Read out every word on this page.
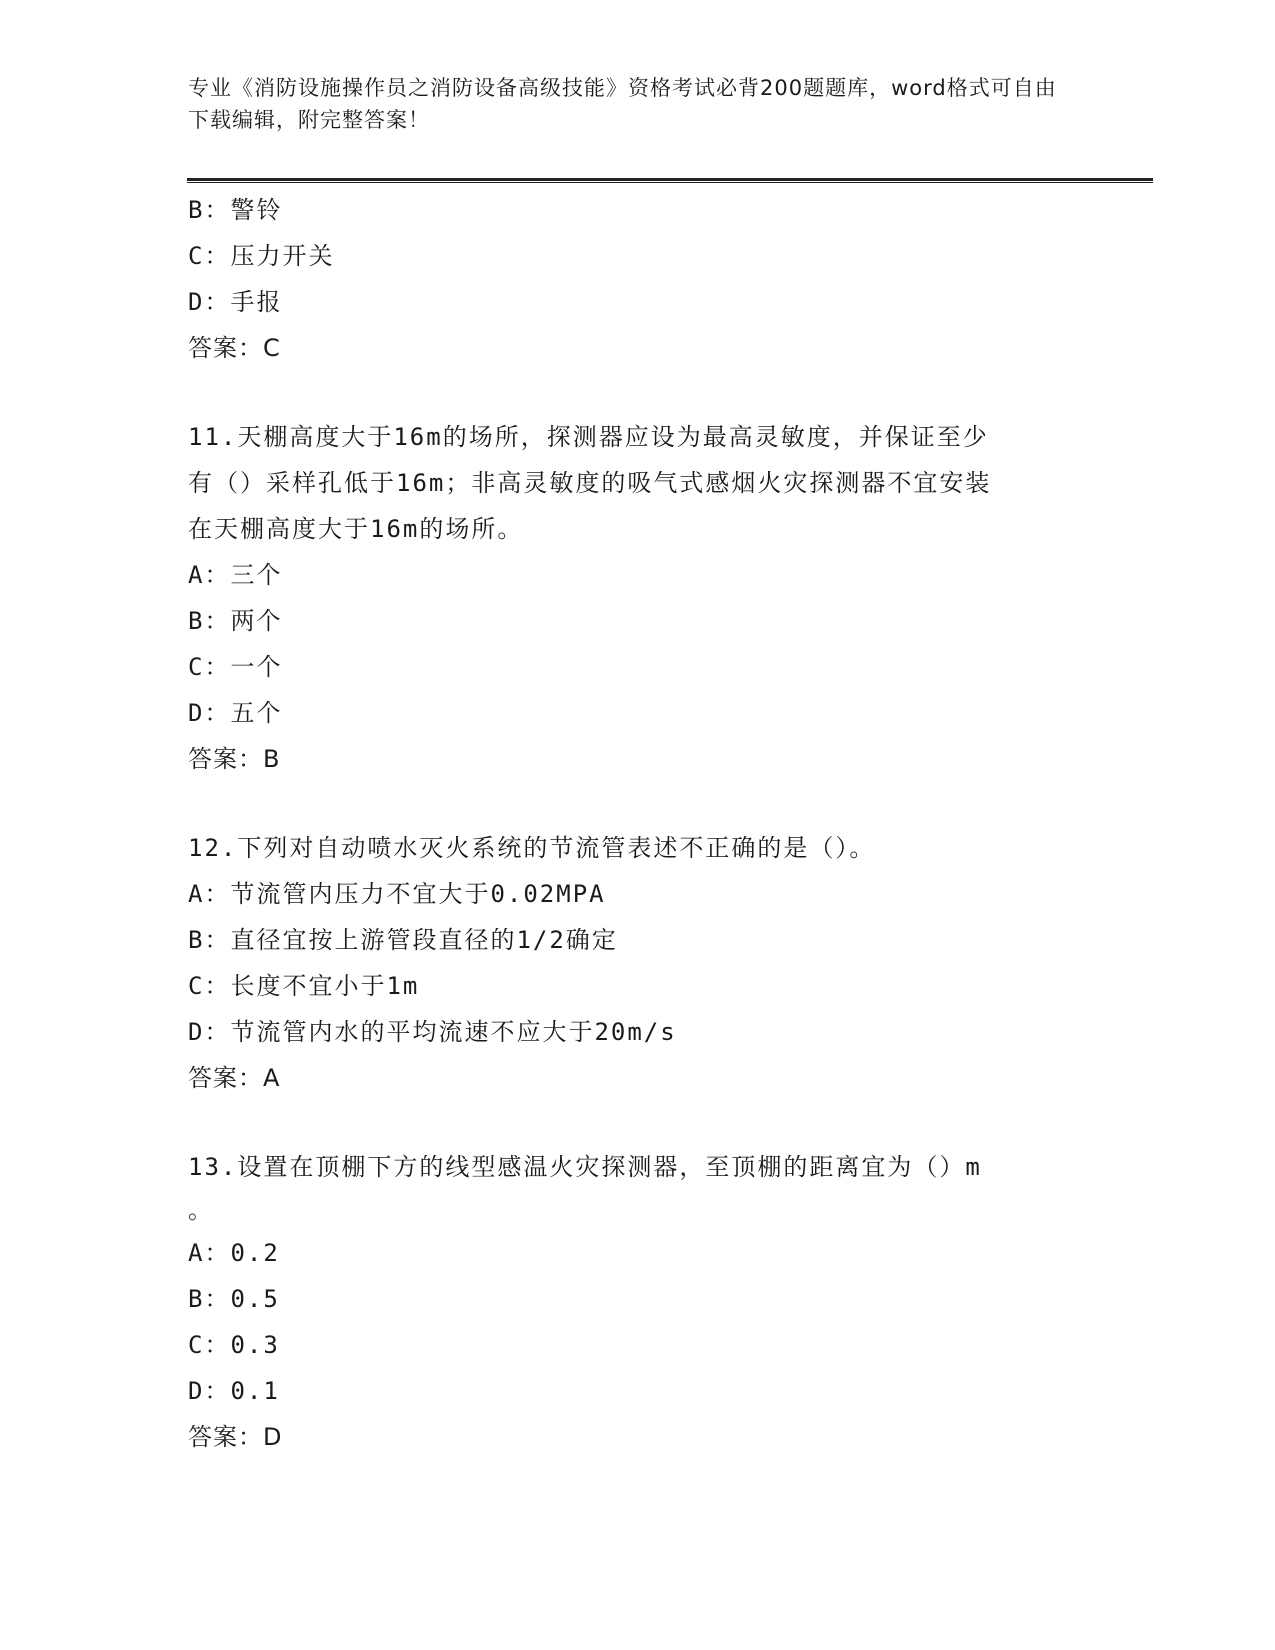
专业《消防设施操作员之消防设备高级技能》资格考试必背200题题库，word格式可自由下载编辑，附完整答案！
B：警铃
C：压力开关
D：手报
答案：C
11.天棚高度大于16m的场所，探测器应设为最高灵敏度，并保证至少
有（）采样孔低于16m；非高灵敏度的吸气式感烟火灾探测器不宜安装
在天棚高度大于16m的场所。
A：三个
B：两个
C：一个
D：五个
答案：B
12.下列对自动喷水灭火系统的节流管表述不正确的是（）。
A：节流管内压力不宜大于0.02MPA
B：直径宜按上游管段直径的1/2确定
C：长度不宜小于1m
D：节流管内水的平均流速不应大于20m/s
答案：A
13.设置在顶棚下方的线型感温火灾探测器，至顶棚的距离宜为（）m
。
A：0.2
B：0.5
C：0.3
D：0.1
答案：D
